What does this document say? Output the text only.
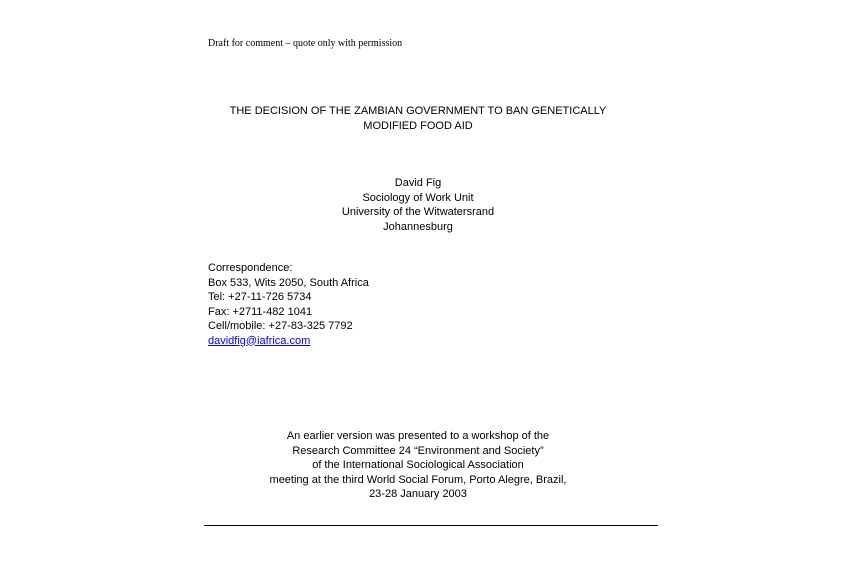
Draft for comment – quote only with permission
THE DECISION OF THE ZAMBIAN GOVERNMENT TO BAN GENETICALLY
MODIFIED FOOD AID
David Fig
Sociology of Work Unit
University of the Witwatersrand
Johannesburg
Correspondence:
Box 533, Wits 2050, South Africa
Tel: +27-11-726 5734
Fax: +2711-482 1041
Cell/mobile: +27-83-325 7792
davidfig@iafrica.com
An earlier version was presented to a workshop of the
Research Committee 24 “Environment and Society”
of the International Sociological Association
meeting at the third World Social Forum, Porto Alegre, Brazil,
23-28 January 2003
